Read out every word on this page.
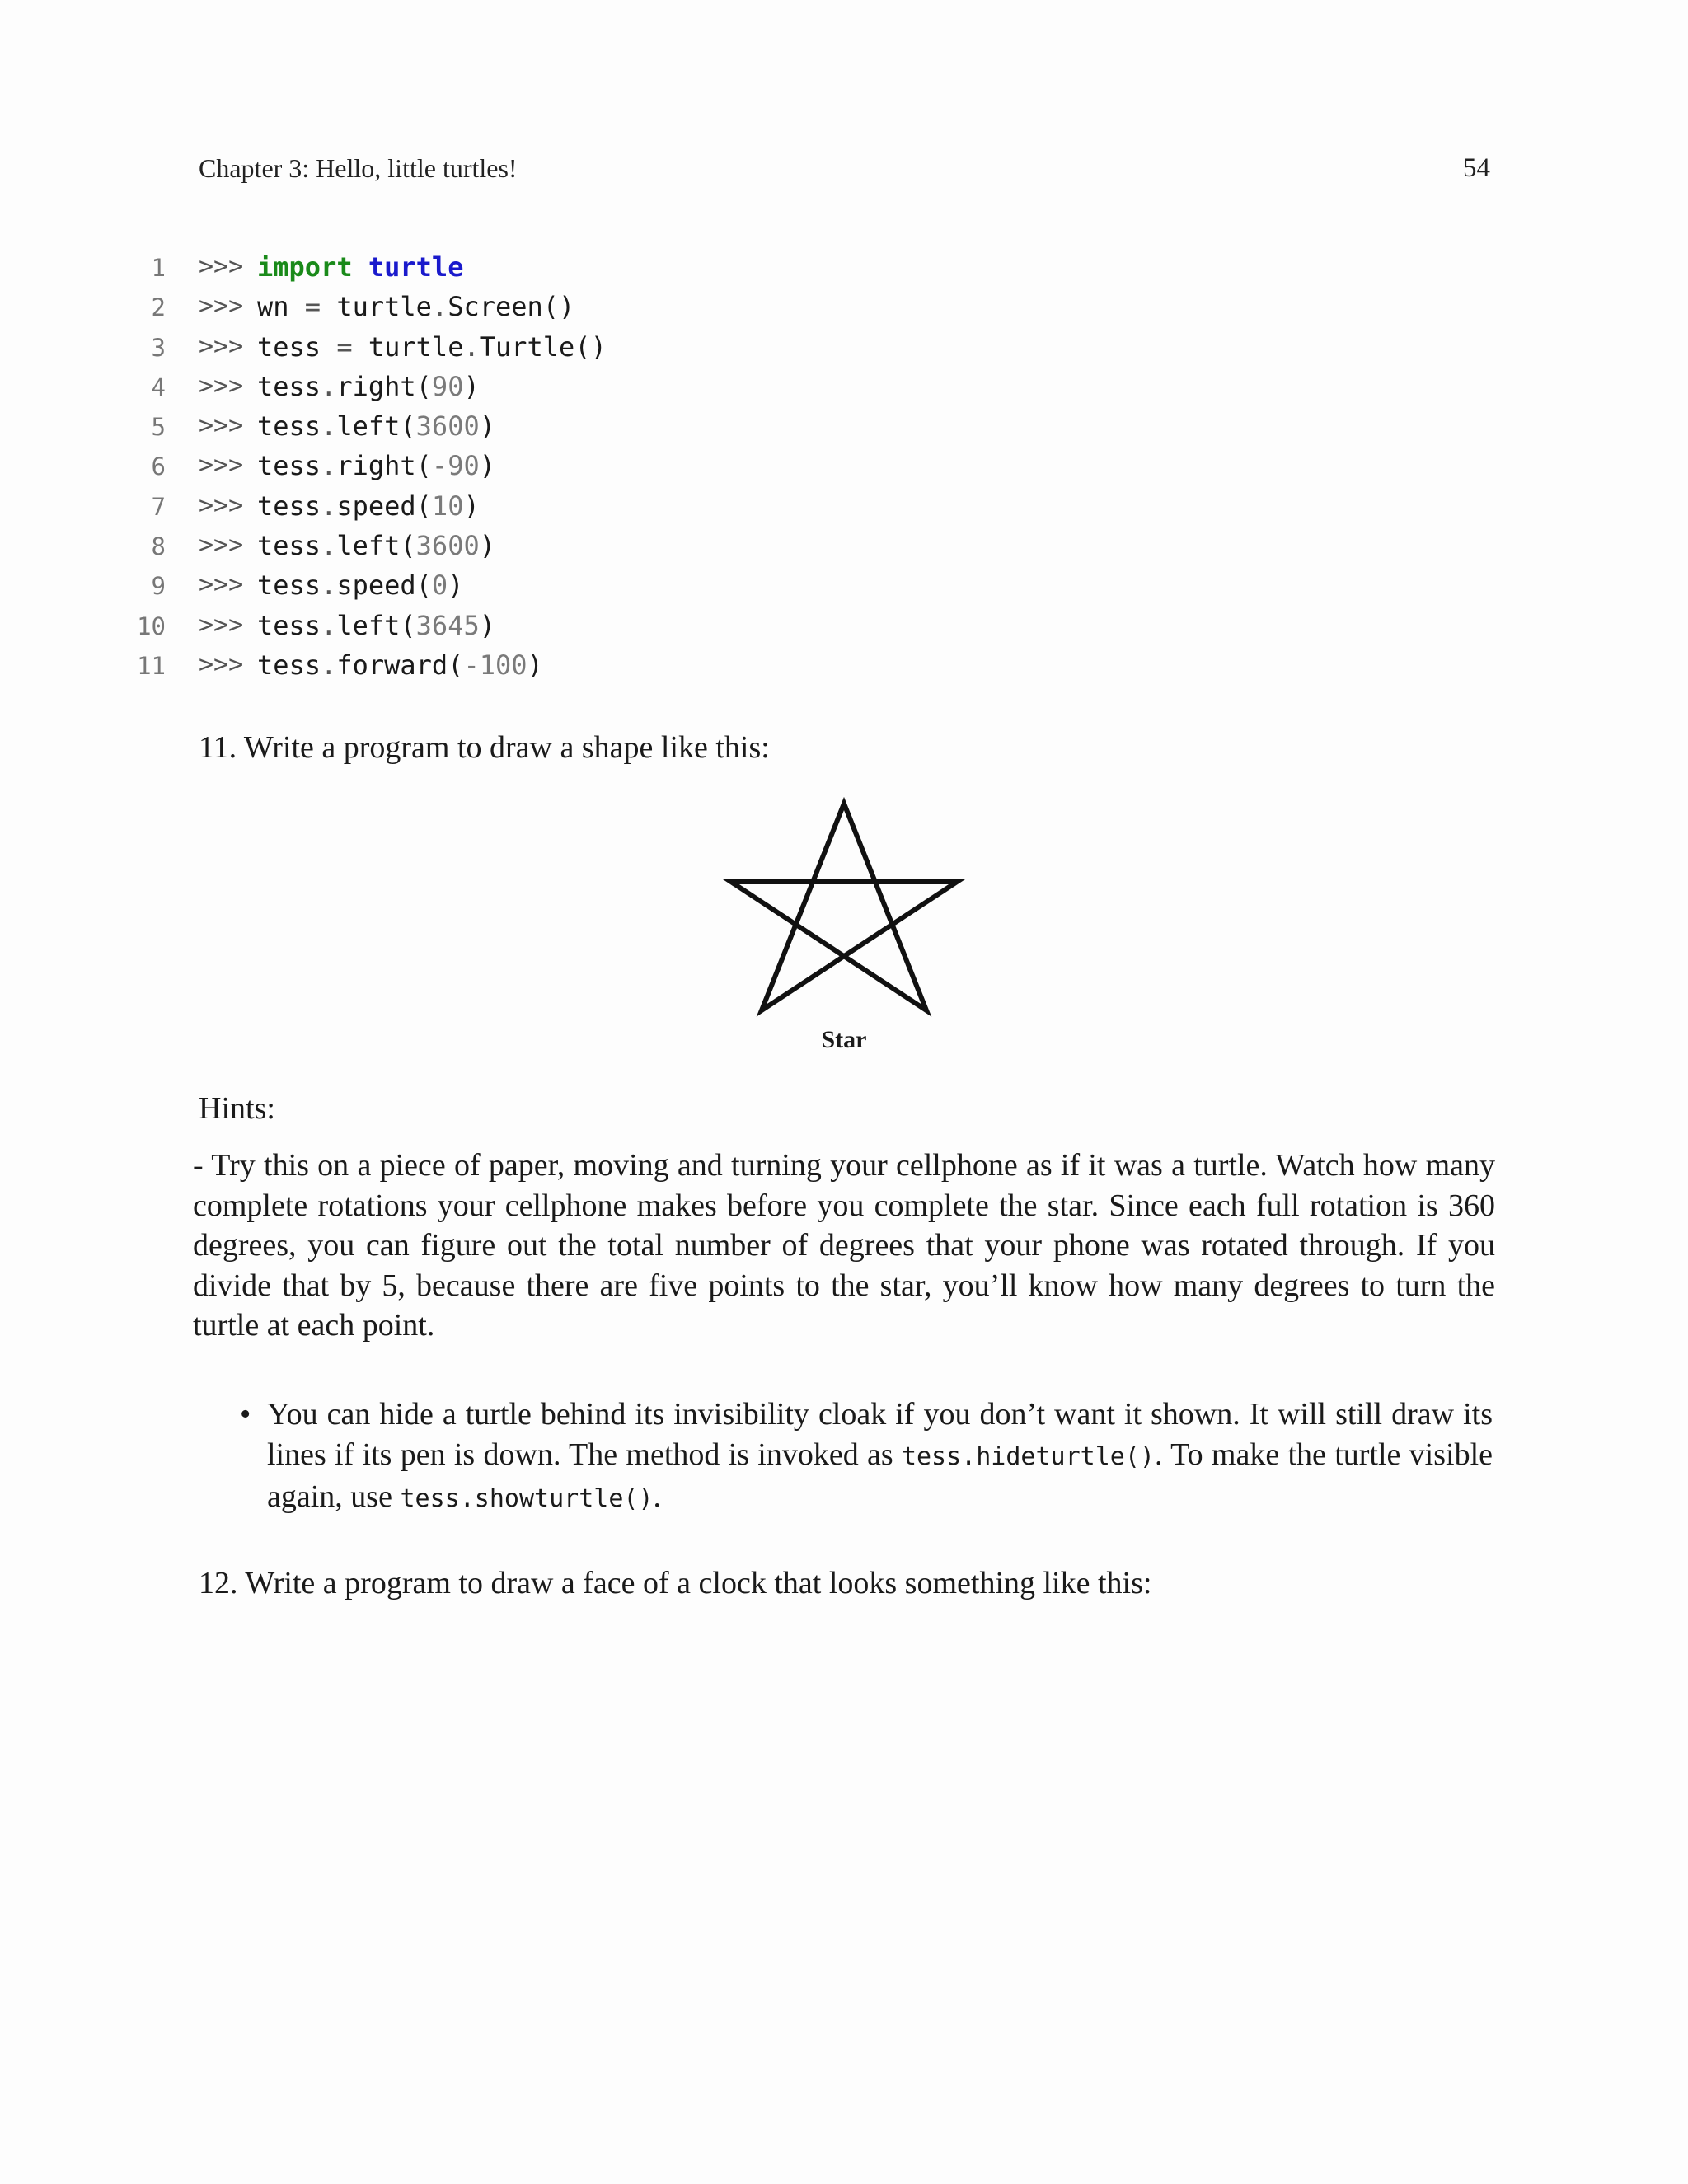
Chapter 3: Hello, little turtles!	54
1 >>> import turtle
2 >>> wn = turtle.Screen()
3 >>> tess = turtle.Turtle()
4 >>> tess.right(90)
5 >>> tess.left(3600)
6 >>> tess.right(-90)
7 >>> tess.speed(10)
8 >>> tess.left(3600)
9 >>> tess.speed(0)
10 >>> tess.left(3645)
11 >>> tess.forward(-100)
11. Write a program to draw a shape like this:
Star
Hints:
- Try this on a piece of paper, moving and turning your cellphone as if it was a turtle. Watch how many complete rotations your cellphone makes before you complete the star. Since each full rotation is 360 degrees, you can figure out the total number of degrees that your phone was rotated through. If you divide that by 5, because there are five points to the star, you’ll know how many degrees to turn the turtle at each point.
• You can hide a turtle behind its invisibility cloak if you don’t want it shown. It will still draw its lines if its pen is down. The method is invoked as tess.hideturtle(). To make the turtle visible again, use tess.showturtle().
12. Write a program to draw a face of a clock that looks something like this:
